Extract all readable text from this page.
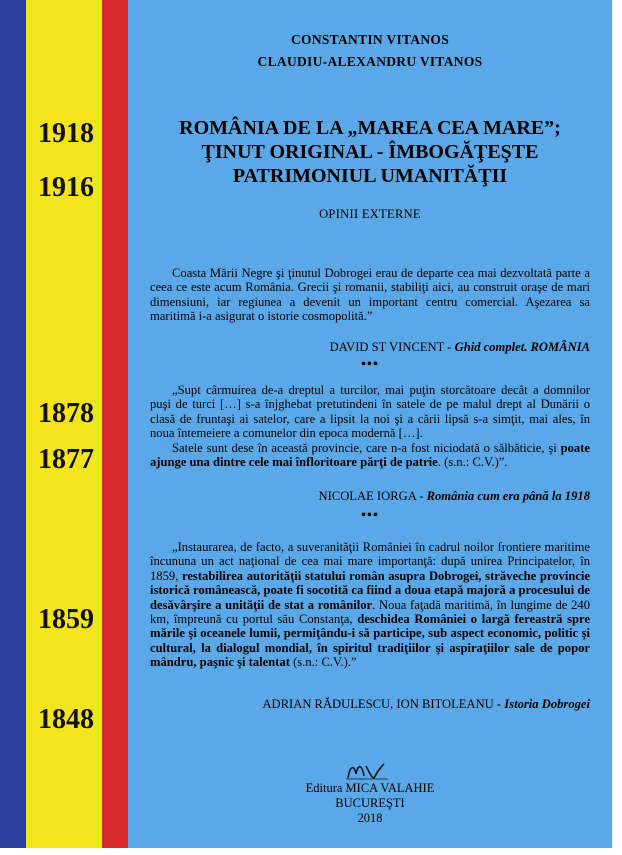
1918
1916
1878
1877
1859
1848
CONSTANTIN VITANOS
CLAUDIU-ALEXANDRU VITANOS
ROMÂNIA DE LA „MAREA CEA MARE”;
ŢINUT ORIGINAL - ÎMBOGĂŢEŞTE
PATRIMONIUL UMANITĂŢII
OPINII EXTERNE

Coasta Mării Negre şi ţinutul Dobrogei erau de departe cea mai dezvoltată parte a ceea ce este acum România. Grecii şi romanii, stabiliţi aici, au construit oraşe de mari dimensiuni, iar regiunea a devenit un important centru comercial. Aşezarea sa maritimă i-a asigurat o istorie cosmopolită.”

DAVID ST VINCENT - Ghid complet. ROMÂNIA
•••

„Supt cârmuirea de-a dreptul a turcilor, mai puţin storcătoare decât a domnilor puşi de turci […] s-a înjghebat pretutindeni în satele de pe malul drept al Dunării o clasă de fruntaşi ai satelor, care a lipsit la noi şi a cării lipsă s-a simţit, mai ales, în noua întemeiere a comunelor din epoca modernă […].

Satele sunt dese în această provincie, care n-a fost niciodată o sălbăticie, şi poate ajunge una dintre cele mai înfloritoare părţi de patrie. (s.n.: C.V.)”.

NICOLAE IORGA - România cum era până la 1918
•••

„Instaurarea, de facto, a suveranităţii României în cadrul noilor frontiere maritime încununa un act naţional de cea mai mare importanţă: după unirea Principatelor, în 1859, restabilirea autorităţii statului român asupra Dobrogei, străveche provincie istorică românească, poate fi socotită ca fiind a doua etapă majoră a procesului de desăvârşire a unităţii de stat a românilor. Noua faţadă maritimă, în lungime de 240 km, împreună cu portul său Constanţa, deschidea României o largă fereastră spre mările şi oceanele lumii, permiţându-i să participe, sub aspect economic, politic şi cultural, la dialogul mondial, în spiritul tradiţiilor şi aspiraţiilor sale de popor mândru, paşnic şi talentat (s.n.: C.V.).”

ADRIAN RĂDULESCU, ION BITOLEANU - Istoria Dobrogei
Editura MICA VALAHIE
BUCUREŞTI
2018
